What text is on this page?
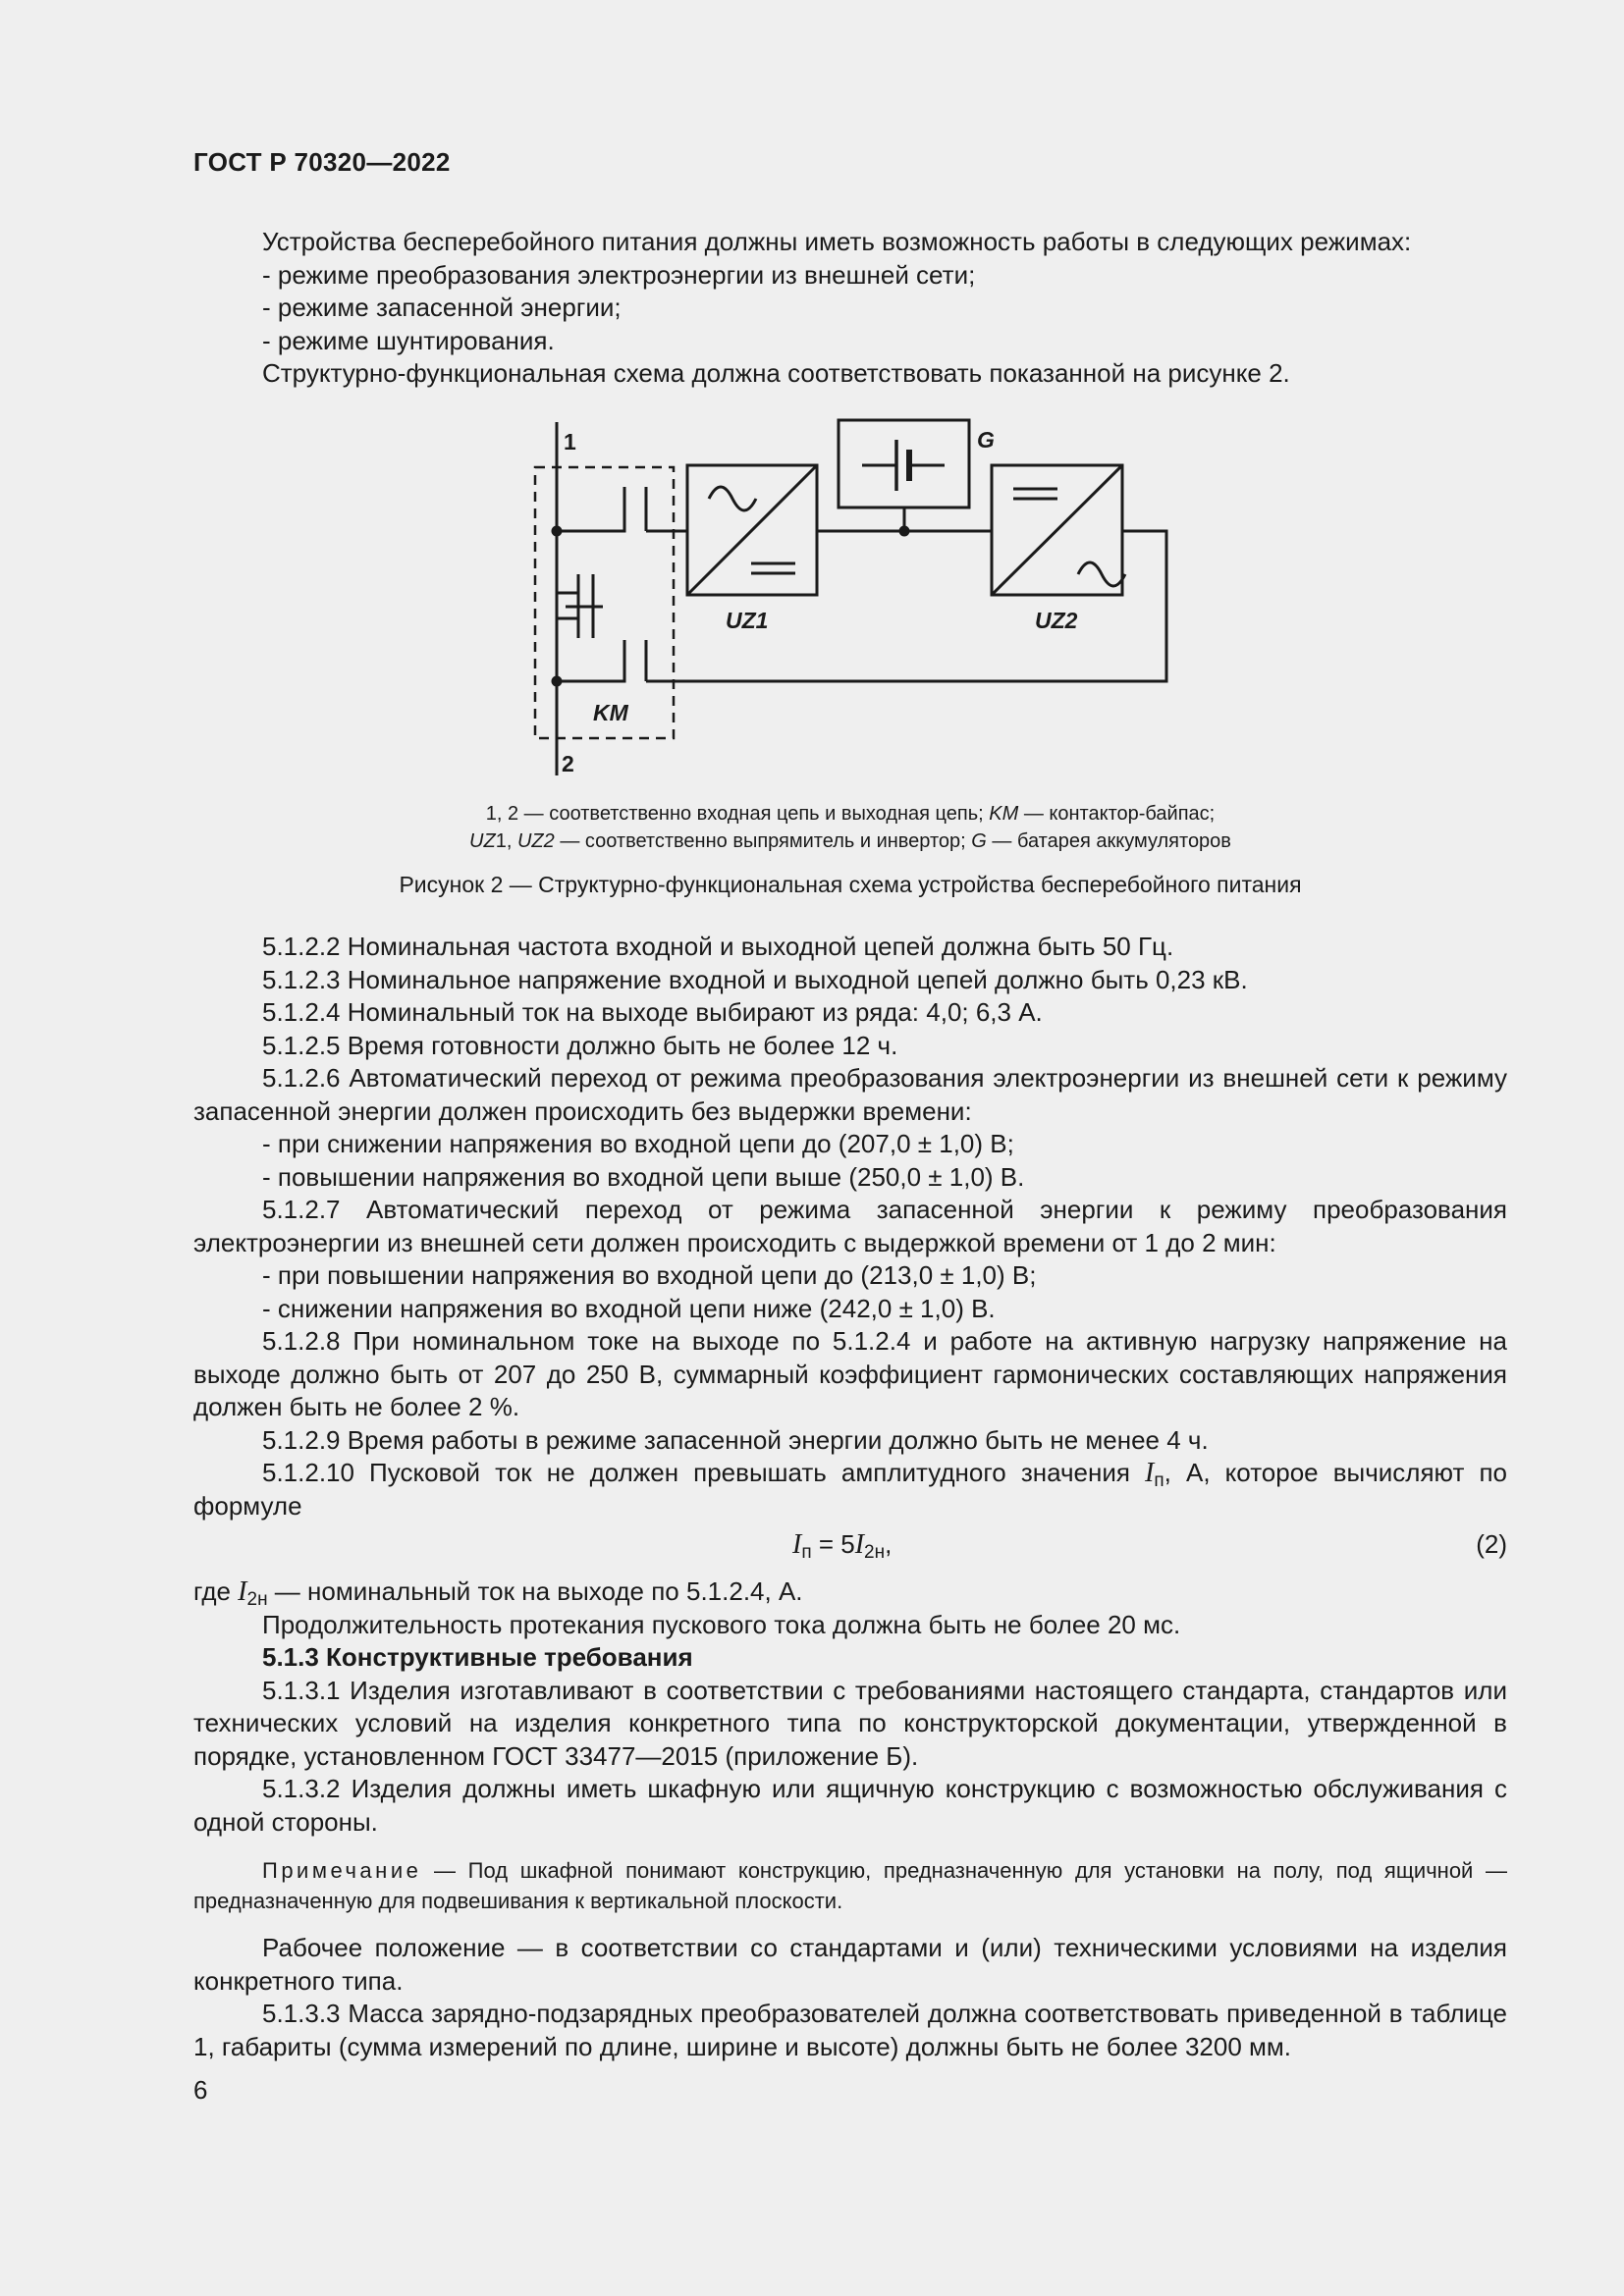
ГОСТ Р 70320—2022

Устройства бесперебойного питания должны иметь возможность работы в следующих режимах:

- режиме преобразования электроэнергии из внешней сети;

- режиме запасенной энергии;

- режиме шунтирования.

Структурно-функциональная схема должна соответствовать показанной на рисунке 2.

1
2
G
UZ1	UZ2
KM
1, 2 — соответственно входная цепь и выходная цепь; KM — контактор-байпас;
UZ1, UZ2 — соответственно выпрямитель и инвертор; G — батарея аккумуляторов
Рисунок 2 — Структурно-функциональная схема устройства бесперебойного питания

5.1.2.2 Номинальная частота входной и выходной цепей должна быть 50 Гц.

5.1.2.3 Номинальное напряжение входной и выходной цепей должно быть 0,23 кВ.

5.1.2.4 Номинальный ток на выходе выбирают из ряда: 4,0; 6,3 А.

5.1.2.5 Время готовности должно быть не более 12 ч.

5.1.2.6 Автоматический переход от режима преобразования электроэнергии из внешней сети к режиму запасенной энергии должен происходить без выдержки времени:

- при снижении напряжения во входной цепи до (207,0 ± 1,0) В;

- повышении напряжения во входной цепи выше (250,0 ± 1,0) В.

5.1.2.7 Автоматический переход от режима запасенной энергии к режиму преобразования электроэнергии из внешней сети должен происходить с выдержкой времени от 1 до 2 мин:

- при повышении напряжения во входной цепи до (213,0 ± 1,0) В;

- снижении напряжения во входной цепи ниже (242,0 ± 1,0) В.

5.1.2.8 При номинальном токе на выходе по 5.1.2.4 и работе на активную нагрузку напряжение на выходе должно быть от 207 до 250 В, суммарный коэффициент гармонических составляющих напряжения должен быть не более 2 %.

5.1.2.9 Время работы в режиме запасенной энергии должно быть не менее 4 ч.

5.1.2.10 Пусковой ток не должен превышать амплитудного значения $I_п$, А, которое вычисляют по формуле

$I_п = 5I_{2н}$,	(2)

где $I_{2н}$ — номинальный ток на выходе по 5.1.2.4, А.

Продолжительность протекания пускового тока должна быть не более 20 мс.

5.1.3 Конструктивные требования

5.1.3.1 Изделия изготавливают в соответствии с требованиями настоящего стандарта, стандартов или технических условий на изделия конкретного типа по конструкторской документации, утвержденной в порядке, установленном ГОСТ 33477—2015 (приложение Б).

5.1.3.2 Изделия должны иметь шкафную или ящичную конструкцию с возможностью обслуживания с одной стороны.

Примечание — Под шкафной понимают конструкцию, предназначенную для установки на полу, под ящичной — предназначенную для подвешивания к вертикальной плоскости.

Рабочее положение — в соответствии со стандартами и (или) техническими условиями на изделия конкретного типа.

5.1.3.3 Масса зарядно-подзарядных преобразователей должна соответствовать приведенной в таблице 1, габариты (сумма измерений по длине, ширине и высоте) должны быть не более 3200 мм.

6
